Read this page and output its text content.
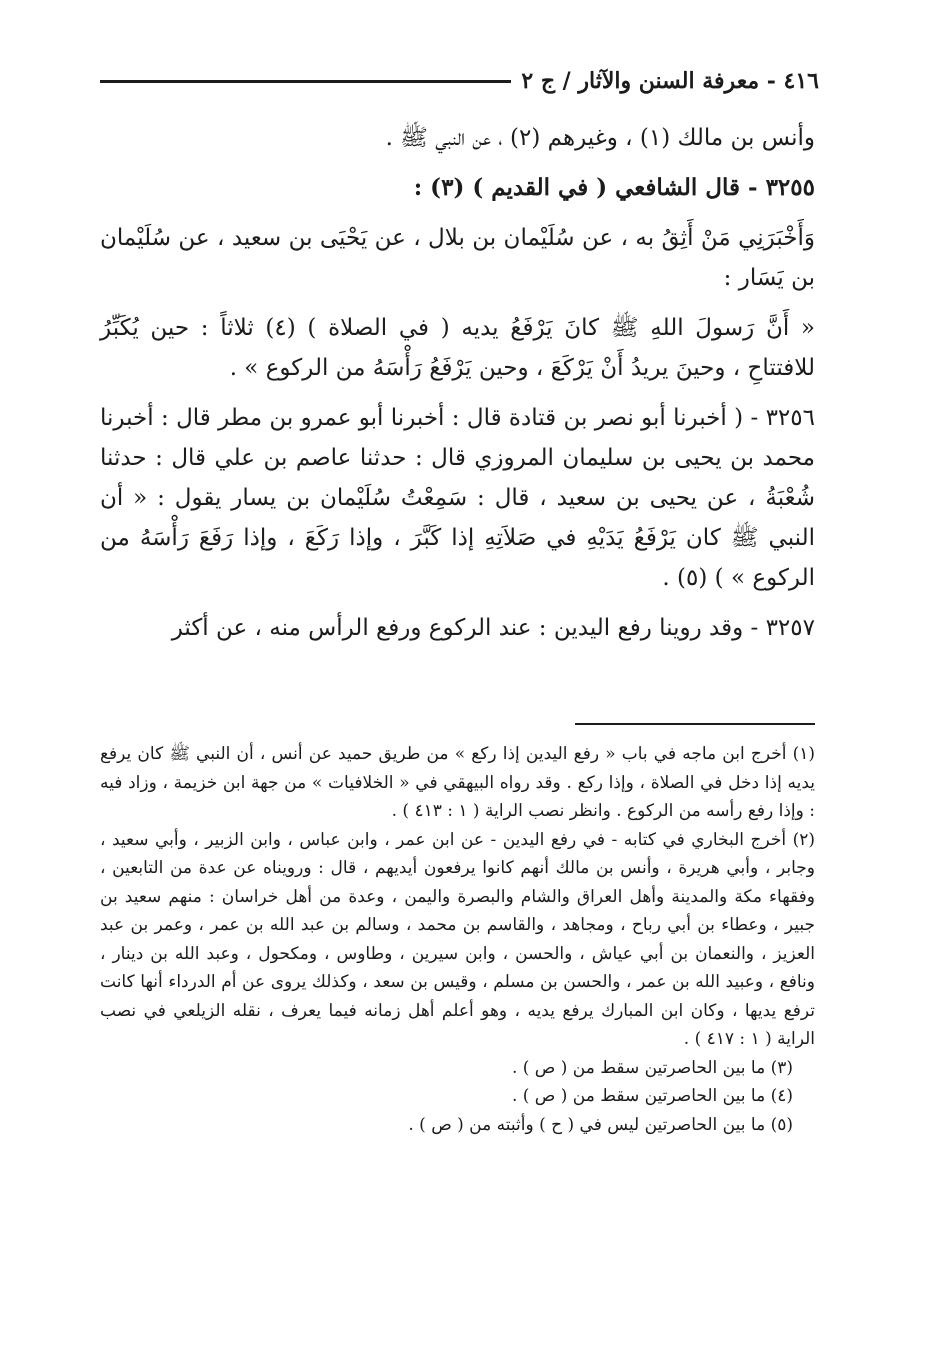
٤١٦ - معرفة السنن والآثار / ج ٢

وأنس بن مالك (١) ، وغيرهم (٢) ، عن النبي ﷺ .

٣٢٥٥ - قال الشافعي ( في القديم ) (٣) :

وَأَخْبَرَنِي مَنْ أَثِقُ به ، عن سُلَيْمان بن بلال ، عن يَحْيَى بن سعيد ، عن سُلَيْمان بن يَسَار :

« أَنَّ رَسولَ اللهِ ﷺ كانَ يَرْفَعُ يديه ( في الصلاة ) (٤) ثلاثاً : حين يُكَبِّرُ للافتتاحِ ، وحينَ يريدُ أَنْ يَرْكَعَ ، وحين يَرْفَعُ رَأْسَهُ من الركوع » .

٣٢٥٦ - ( أخبرنا أبو نصر بن قتادة قال : أخبرنا أبو عمرو بن مطر قال : أخبرنا محمد بن يحيى بن سليمان المروزي قال : حدثنا عاصم بن علي قال : حدثنا شُعْبَةُ ، عن يحيى بن سعيد ، قال : سَمِعْتُ سُلَيْمان بن يسار يقول : « أن النبي ﷺ كان يَرْفَعُ يَدَيْهِ في صَلاَتِهِ إذا كَبَّرَ ، وإذا رَكَعَ ، وإذا رَفَعَ رَأْسَهُ من الركوع » ) (٥) .

٣٢٥٧ - وقد روينا رفع اليدين : عند الركوع ورفع الرأس منه ، عن أكثر

(١) أخرج ابن ماجه في باب « رفع اليدين إذا ركع » من طريق حميد عن أنس ، أن النبي ﷺ كان يرفع يديه إذا دخل في الصلاة ، وإذا ركع . وقد رواه البيهقي في « الخلافيات » من جهة ابن خزيمة ، وزاد فيه : وإذا رفع رأسه من الركوع . وانظر نصب الراية ( ١ : ٤١٣ ) .

(٢) أخرج البخاري في كتابه - في رفع اليدين - عن ابن عمر ، وابن عباس ، وابن الزبير ، وأبي سعيد ، وجابر ، وأبي هريرة ، وأنس بن مالك أنهم كانوا يرفعون أيديهم ، قال : ورويناه عن عدة من التابعين ، وفقهاء مكة والمدينة وأهل العراق والشام والبصرة واليمن ، وعدة من أهل خراسان : منهم سعيد بن جبير ، وعطاء بن أبي رباح ، ومجاهد ، والقاسم بن محمد ، وسالم بن عبد الله بن عمر ، وعمر بن عبد العزيز ، والنعمان بن أبي عياش ، والحسن ، وابن سيرين ، وطاوس ، ومكحول ، وعبد الله بن دينار ، ونافع ، وعبيد الله بن عمر ، والحسن بن مسلم ، وقيس بن سعد ، وكذلك يروى عن أم الدرداء أنها كانت ترفع يديها ، وكان ابن المبارك يرفع يديه ، وهو أعلم أهل زمانه فيما يعرف ، نقله الزيلعي في نصب الراية ( ١ : ٤١٧ ) .

(٣) ما بين الحاصرتين سقط من ( ص ) .

(٤) ما بين الحاصرتين سقط من ( ص ) .

(٥) ما بين الحاصرتين ليس في ( ح ) وأثبته من ( ص ) .
